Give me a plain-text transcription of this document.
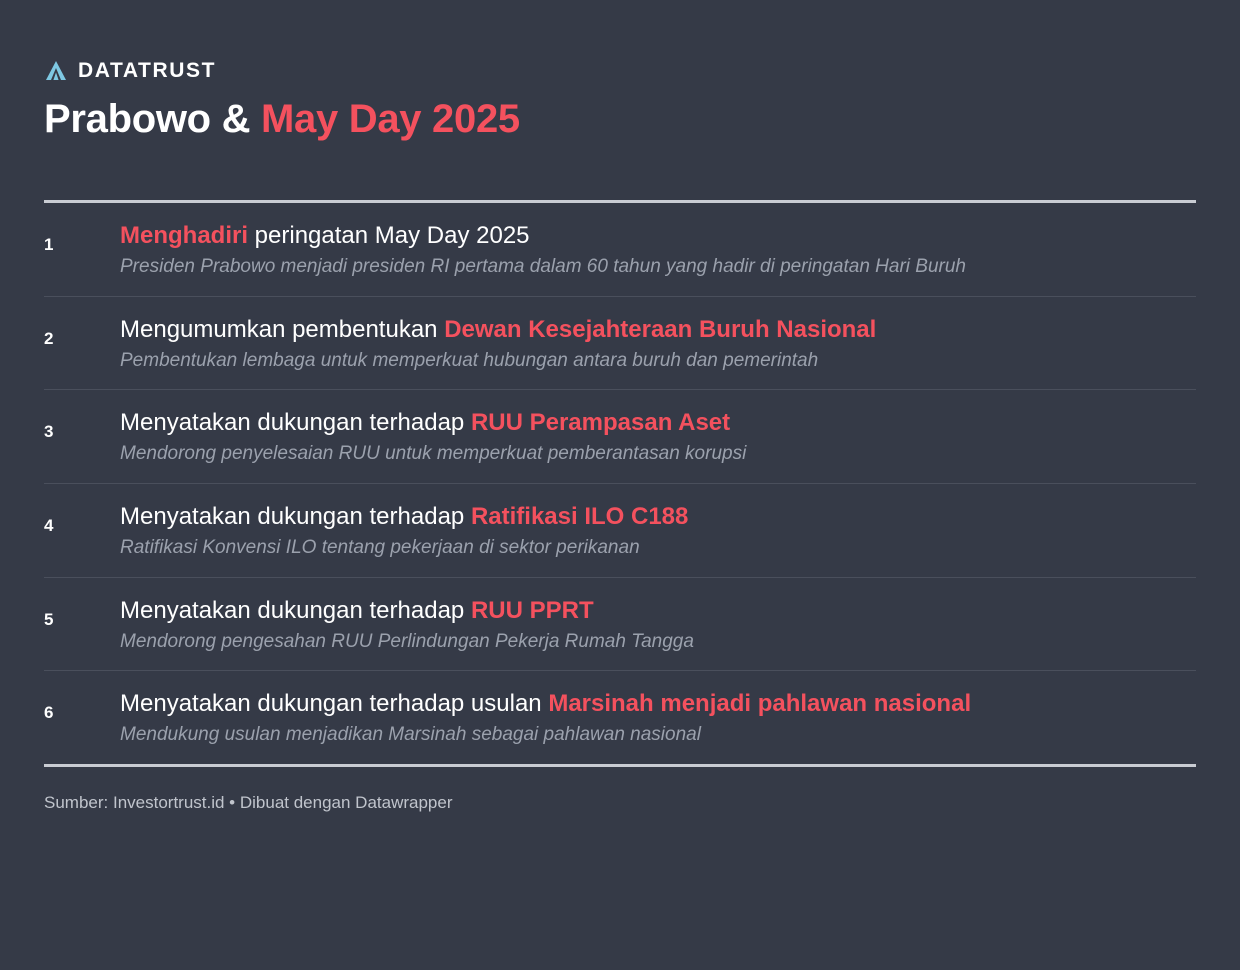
DATATRUST
Prabowo & May Day 2025
1	Menghadiri peringatan May Day 2025
Presiden Prabowo menjadi presiden RI pertama dalam 60 tahun yang hadir di peringatan Hari Buruh
2	Mengumumkan pembentukan Dewan Kesejahteraan Buruh Nasional
Pembentukan lembaga untuk memperkuat hubungan antara buruh dan pemerintah
3	Menyatakan dukungan terhadap RUU Perampasan Aset
Mendorong penyelesaian RUU untuk memperkuat pemberantasan korupsi
4	Menyatakan dukungan terhadap Ratifikasi ILO C188
Ratifikasi Konvensi ILO tentang pekerjaan di sektor perikanan
5	Menyatakan dukungan terhadap RUU PPRT
Mendorong pengesahan RUU Perlindungan Pekerja Rumah Tangga
6	Menyatakan dukungan terhadap usulan Marsinah menjadi pahlawan nasional
Mendukung usulan menjadikan Marsinah sebagai pahlawan nasional
Sumber: Investortrust.id • Dibuat dengan Datawrapper
